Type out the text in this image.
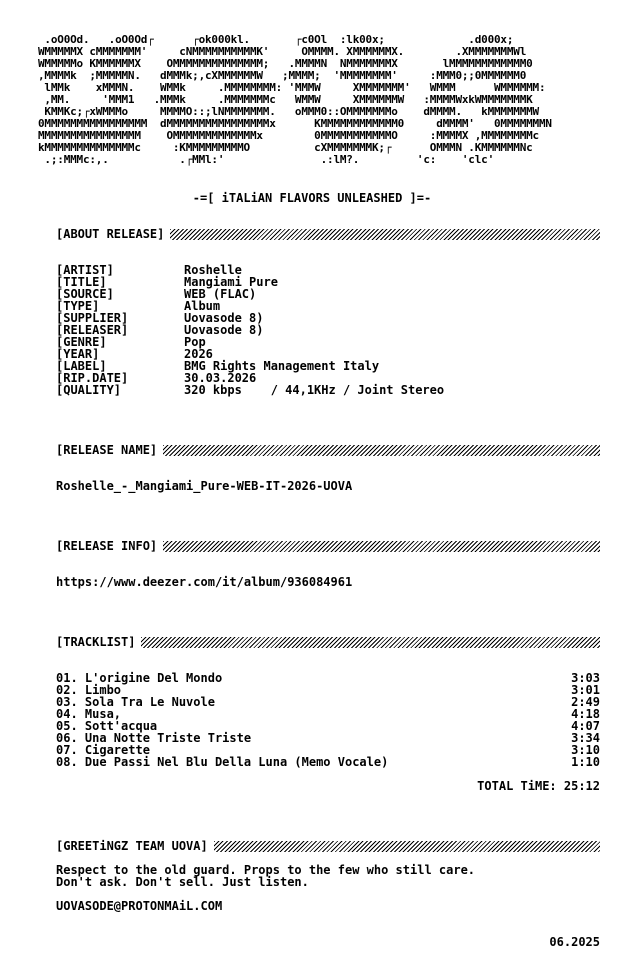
.oO0Od.   .oO0Od┌      ┌ok000kl.       ┌c0Ol  :lk00x;             .d000x;
WMMMMMX cMMMMMMM'     cNMMMMMMMMMMK'     OMMMM. XMMMMMMX.        .XMMMMMMMWl
WMMMMMo KMMMMMMX    OMMMMMMMMMMMMMM;   .MMMMN  NMMMMMMMX       lMMMMMMMMMMMM0
,MMMMk  ;MMMMMN.   dMMMk;,cXMMMMMMW   ;MMMM;  'MMMMMMMM'     :MMM0;;0MMMMMM0
lMMk    xMMMN.    WMMk     .MMMMMMMM: 'MMMW     XMMMMMMM'   WMMM      WMMMMMM:
,MM.     'MMM1   .MMMk     .MMMMMMMc   WMMW     XMMMMMMW   :MMMMWxkWMMMMMMMK
KMMKc;┌xWMMMo     MMMMO::;lNMMMMMMM.   oMMM0::OMMMMMMMo    dMMMM.   kMMMMMMMW
0MMMMMMMMMMMMMMMM  dMMMMMMMMMMMMMMMMx      KMMMMMMMMMMMM0     dMMMM'   0MMMMMMMN
MMMMMMMMMMMMMMMM    OMMMMMMMMMMMMMx        0MMMMMMMMMMMO     :MMMMX ,MMMMMMMMc
kMMMMMMMMMMMMMMc     :KMMMMMMMMMO          cXMMMMMMMK;┌      OMMMN .KMMMMMMNc
.;:MMMc:,.           .┌MMl:'               .:lM?.         'c:    'clc'
-=[ iTALiAN FLAVORS UNLEASHED ]=-
[ABOUT RELEASE]
[ARTIST]	Roshelle
[TITLE]	Mangiami Pure
[SOURCE]	WEB (FLAC)
[TYPE]	Album
[SUPPLIER]	Uovasode 8)
[RELEASER]	Uovasode 8)
[GENRE]	Pop
[YEAR]	2026
[LABEL]	BMG Rights Management Italy
[RIP.DATE]	30.03.2026
[QUALITY]	320 kbps    / 44,1KHz / Joint Stereo
[RELEASE NAME]
Roshelle_-_Mangiami_Pure-WEB-IT-2026-UOVA
[RELEASE INFO]
https://www.deezer.com/it/album/936084961
[TRACKLIST]
01. L'origine Del Mondo	3:03
02. Limbo	3:01
03. Sola Tra Le Nuvole	2:49
04. Musa,	4:18
05. Sott'acqua	4:07
06. Una Notte Triste Triste	3:34
07. Cigarette	3:10
08. Due Passi Nel Blu Della Luna (Memo Vocale)	1:10
TOTAL TiME: 25:12
[GREETiNGZ TEAM UOVA]
Respect to the old guard. Props to the few who still care.
Don't ask. Don't sell. Just listen.
UOVASODE@PROTONMAiL.COM
06.2025
